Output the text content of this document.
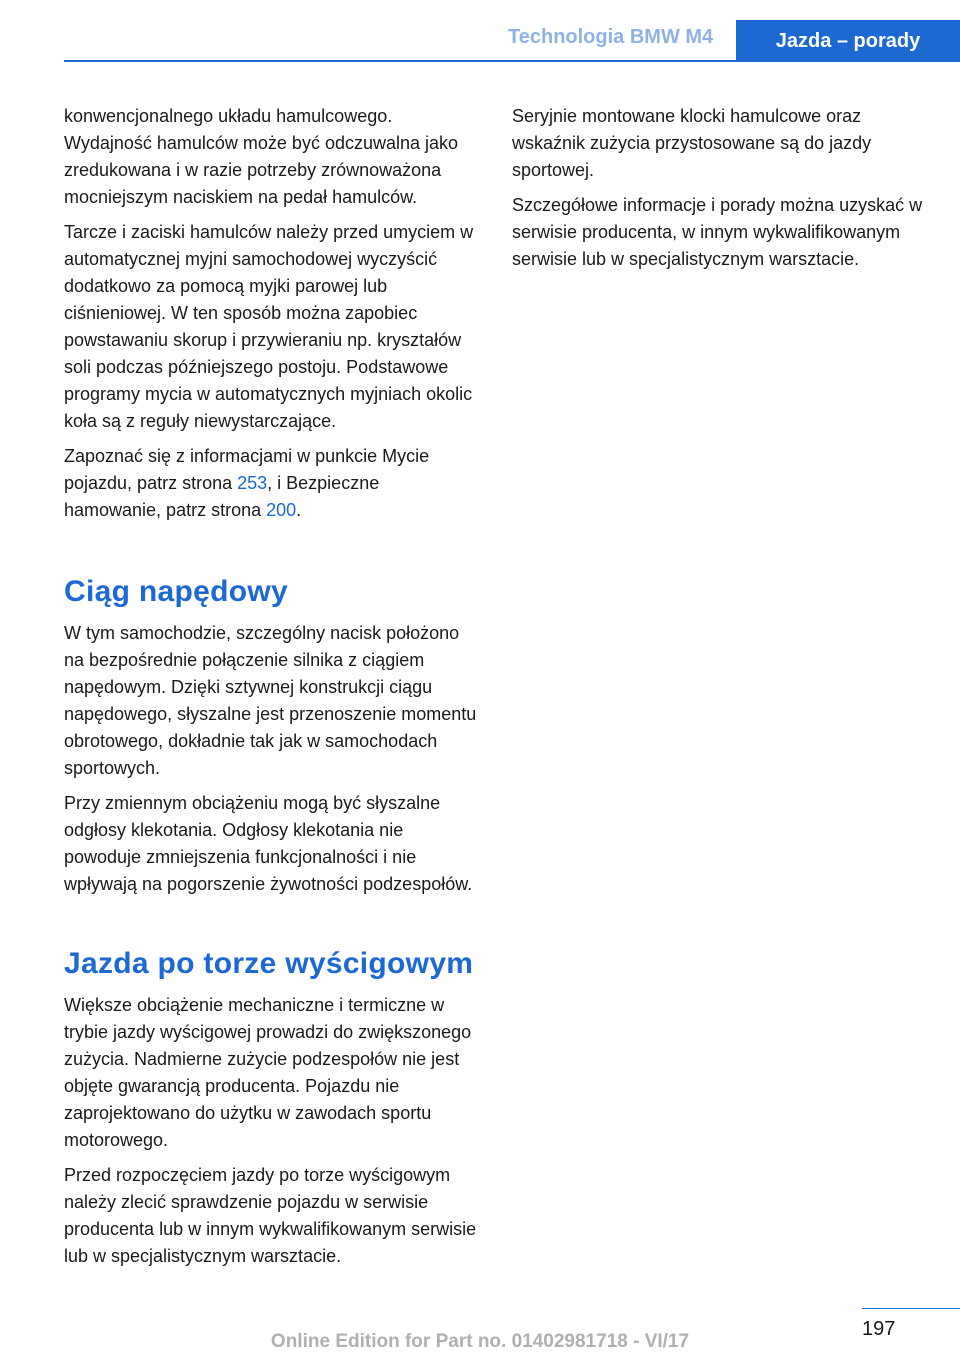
Technologia BMW M4	Jazda – porady

konwencjonalnego układu hamulcowego. Wydajność hamulców może być odczuwalna jako zredukowana i w razie potrzeby zrównoważona mocniejszym naciskiem na pedał hamulców.

Tarcze i zaciski hamulców należy przed umyciem w automatycznej myjni samochodowej wyczyścić dodatkowo za pomocą myjki parowej lub ciśnieniowej. W ten sposób można zapobiec powstawaniu skorup i przywieraniu np. kryształów soli podczas późniejszego postoju. Podstawowe programy mycia w automatycznych myjniach okolic koła są z reguły niewystarczające.

Zapoznać się z informacjami w punkcie Mycie pojazdu, patrz strona 253, i Bezpieczne hamowanie, patrz strona 200.

Ciąg napędowy

W tym samochodzie, szczególny nacisk położono na bezpośrednie połączenie silnika z ciągiem napędowym. Dzięki sztywnej konstrukcji ciągu napędowego, słyszalne jest przenoszenie momentu obrotowego, dokładnie tak jak w samochodach sportowych.

Przy zmiennym obciążeniu mogą być słyszalne odgłosy klekotania. Odgłosy klekotania nie powoduje zmniejszenia funkcjonalności i nie wpływają na pogorszenie żywotności podzespołów.

Jazda po torze wyścigowym

Większe obciążenie mechaniczne i termiczne w trybie jazdy wyścigowej prowadzi do zwiększonego zużycia. Nadmierne zużycie podzespołów nie jest objęte gwarancją producenta. Pojazdu nie zaprojektowano do użytku w zawodach sportu motorowego.

Przed rozpoczęciem jazdy po torze wyścigowym należy zlecić sprawdzenie pojazdu w serwisie producenta lub w innym wykwalifikowanym serwisie lub w specjalistycznym warsztacie.

Seryjnie montowane klocki hamulcowe oraz wskaźnik zużycia przystosowane są do jazdy sportowej.

Szczegółowe informacje i porady można uzyskać w serwisie producenta, w innym wykwalifikowanym serwisie lub w specjalistycznym warsztacie.

197
Online Edition for Part no. 01402981718 - VI/17
